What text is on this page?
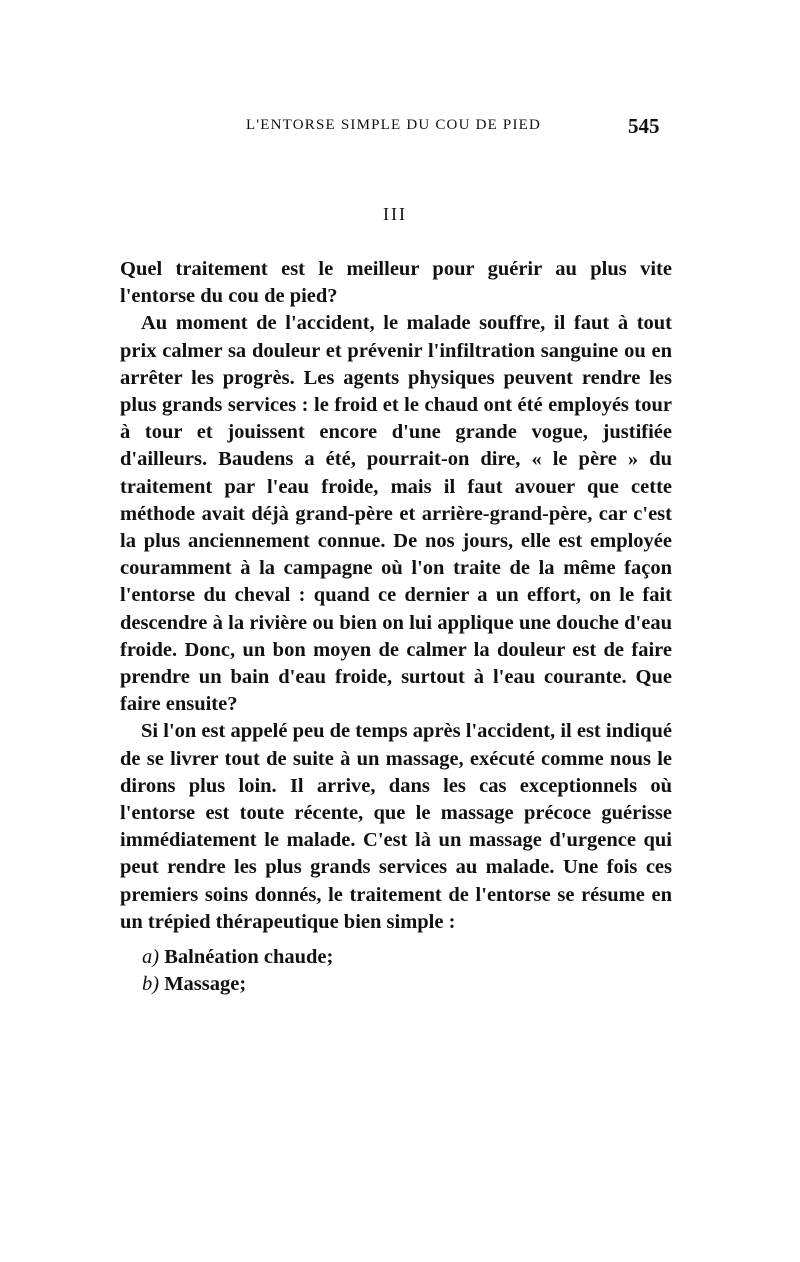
L'ENTORSE SIMPLE DU COU DE PIED	545
III

Quel traitement est le meilleur pour guérir au plus vite l'entorse du cou de pied?

Au moment de l'accident, le malade souffre, il faut à tout prix calmer sa douleur et prévenir l'infiltration sanguine ou en arrêter les progrès. Les agents physiques peuvent rendre les plus grands services : le froid et le chaud ont été employés tour à tour et jouissent encore d'une grande vogue, justifiée d'ailleurs. Baudens a été, pourrait-on dire, « le père » du traitement par l'eau froide, mais il faut avouer que cette méthode avait déjà grand-père et arrière-grand-père, car c'est la plus anciennement connue. De nos jours, elle est employée couramment à la campagne où l'on traite de la même façon l'entorse du cheval : quand ce dernier a un effort, on le fait descendre à la rivière ou bien on lui applique une douche d'eau froide. Donc, un bon moyen de calmer la douleur est de faire prendre un bain d'eau froide, surtout à l'eau courante. Que faire ensuite?

Si l'on est appelé peu de temps après l'accident, il est indiqué de se livrer tout de suite à un massage, exécuté comme nous le dirons plus loin. Il arrive, dans les cas exceptionnels où l'entorse est toute récente, que le massage précoce guérisse immédiatement le malade. C'est là un massage d'urgence qui peut rendre les plus grands services au malade. Une fois ces premiers soins donnés, le traitement de l'entorse se résume en un trépied thérapeutique bien simple :

a) Balnéation chaude;

b) Massage;
